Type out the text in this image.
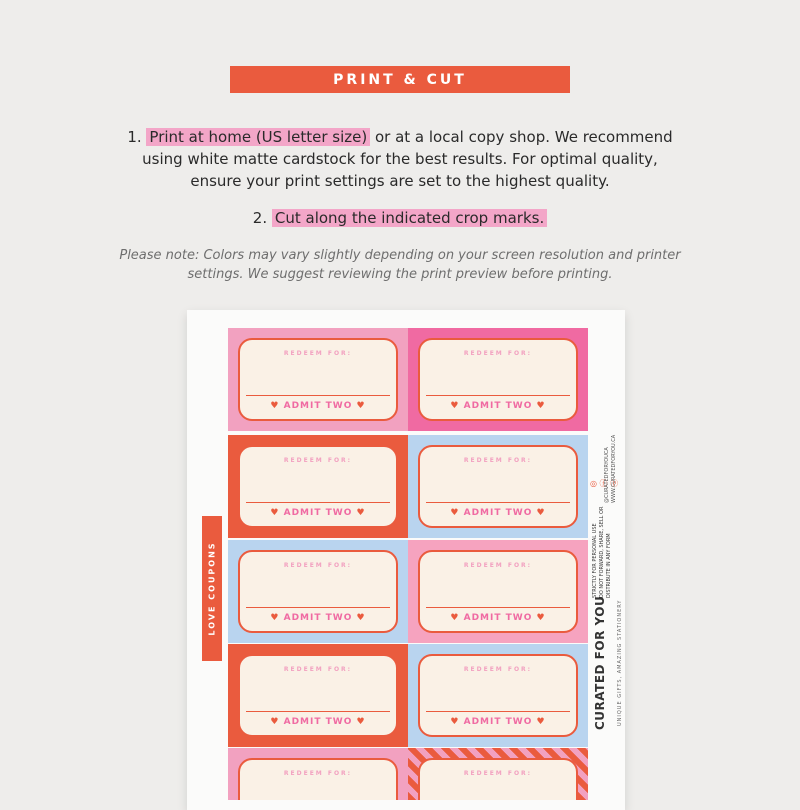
PRINT & CUT
1. Print at home (US letter size) or at a local copy shop. We recommend
using white matte cardstock for the best results. For optimal quality,
ensure your print settings are set to the highest quality.
2. Cut along the indicated crop marks.
Please note: Colors may vary slightly depending on your screen resolution and printer
settings. We suggest reviewing the print preview before printing.
REDEEM FOR:
♥ ADMIT TWO ♥
REDEEM FOR:
♥ ADMIT TWO ♥
REDEEM FOR:
♥ ADMIT TWO ♥
REDEEM FOR:
♥ ADMIT TWO ♥
REDEEM FOR:
REDEEM FOR:
♥ ADMIT TWO ♥
REDEEM FOR:
♥ ADMIT TWO ♥
REDEEM FOR:
♥ ADMIT TWO ♥
REDEEM FOR:
♥ ADMIT TWO ♥
REDEEM FOR:
LOVE COUPONS
◎ ⓕ ⓟ
@CURATEDFORYOUCA WWW.CURATEDFORYOU.CA
STRICTLY FOR PERSONAL USE DO NOT FORWARD, SHARE, SELL OR DISTRIBUTE IN ANY FORM
CURATED FOR YOU UNIQUE GIFTS, AMAZING STATIONERY
